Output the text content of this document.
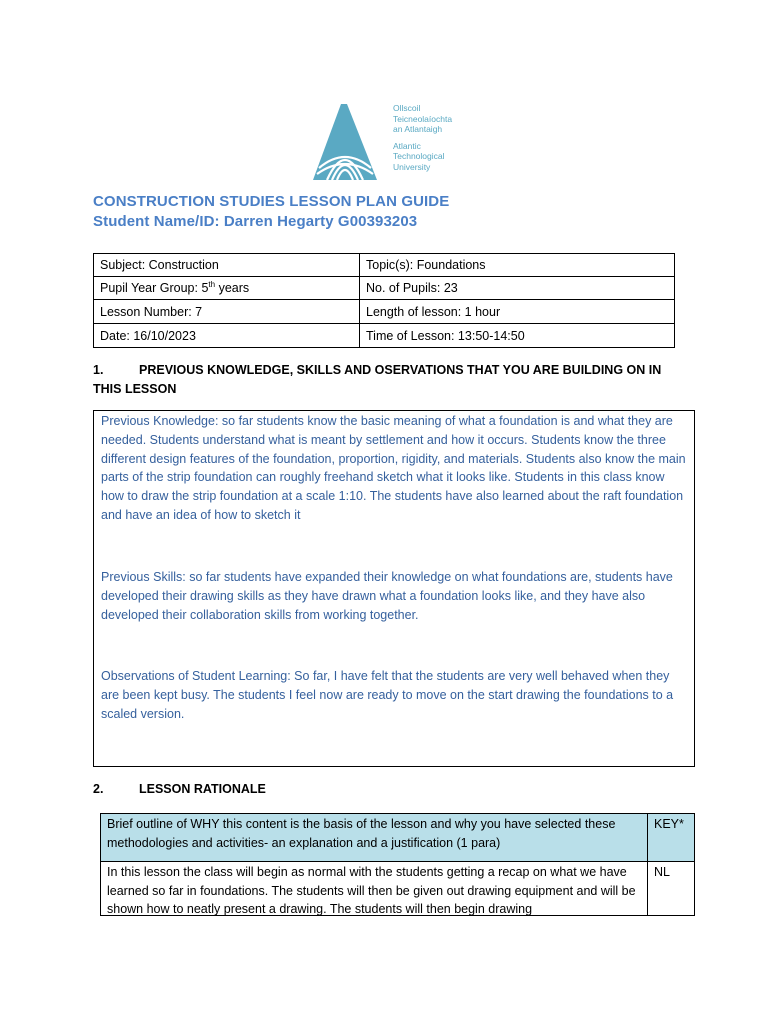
Ollscoil
Teicneolaíochta
an Atlantaigh
Atlantic
Technological
University
CONSTRUCTION STUDIES LESSON PLAN GUIDE
Student Name/ID: Darren Hegarty G00393203
Subject: Construction	Topic(s): Foundations
Pupil Year Group: 5th years	No. of Pupils: 23
Lesson Number: 7	Length of lesson: 1 hour
Date: 16/10/2023	Time of Lesson: 13:50-14:50
1.	PREVIOUS KNOWLEDGE, SKILLS AND OSERVATIONS THAT YOU ARE BUILDING ON IN THIS LESSON

Previous Knowledge: so far students know the basic meaning of what a foundation is and what they are needed. Students understand what is meant by settlement and how it occurs. Students know the three different design features of the foundation, proportion, rigidity, and materials. Students also know the main parts of the strip foundation can roughly freehand sketch what it looks like. Students in this class know how to draw the strip foundation at a scale 1:10. The students have also learned about the raft foundation and have an idea of how to sketch it

Previous Skills: so far students have expanded their knowledge on what foundations are, students have developed their drawing skills as they have drawn what a foundation looks like, and they have also developed their collaboration skills from working together.

Observations of Student Learning: So far, I have felt that the students are very well behaved when they are been kept busy. The students I feel now are ready to move on the start drawing the foundations to a scaled version.

2.	LESSON RATIONALE
Brief outline of WHY this content is the basis of the lesson and why you have selected these methodologies and activities- an explanation and a justification (1 para)	KEY*

In this lesson the class will begin as normal with the students getting a recap on what we have learned so far in foundations. The students will then be given out drawing equipment and will be shown how to neatly present a drawing. The students will then begin drawing	NL
